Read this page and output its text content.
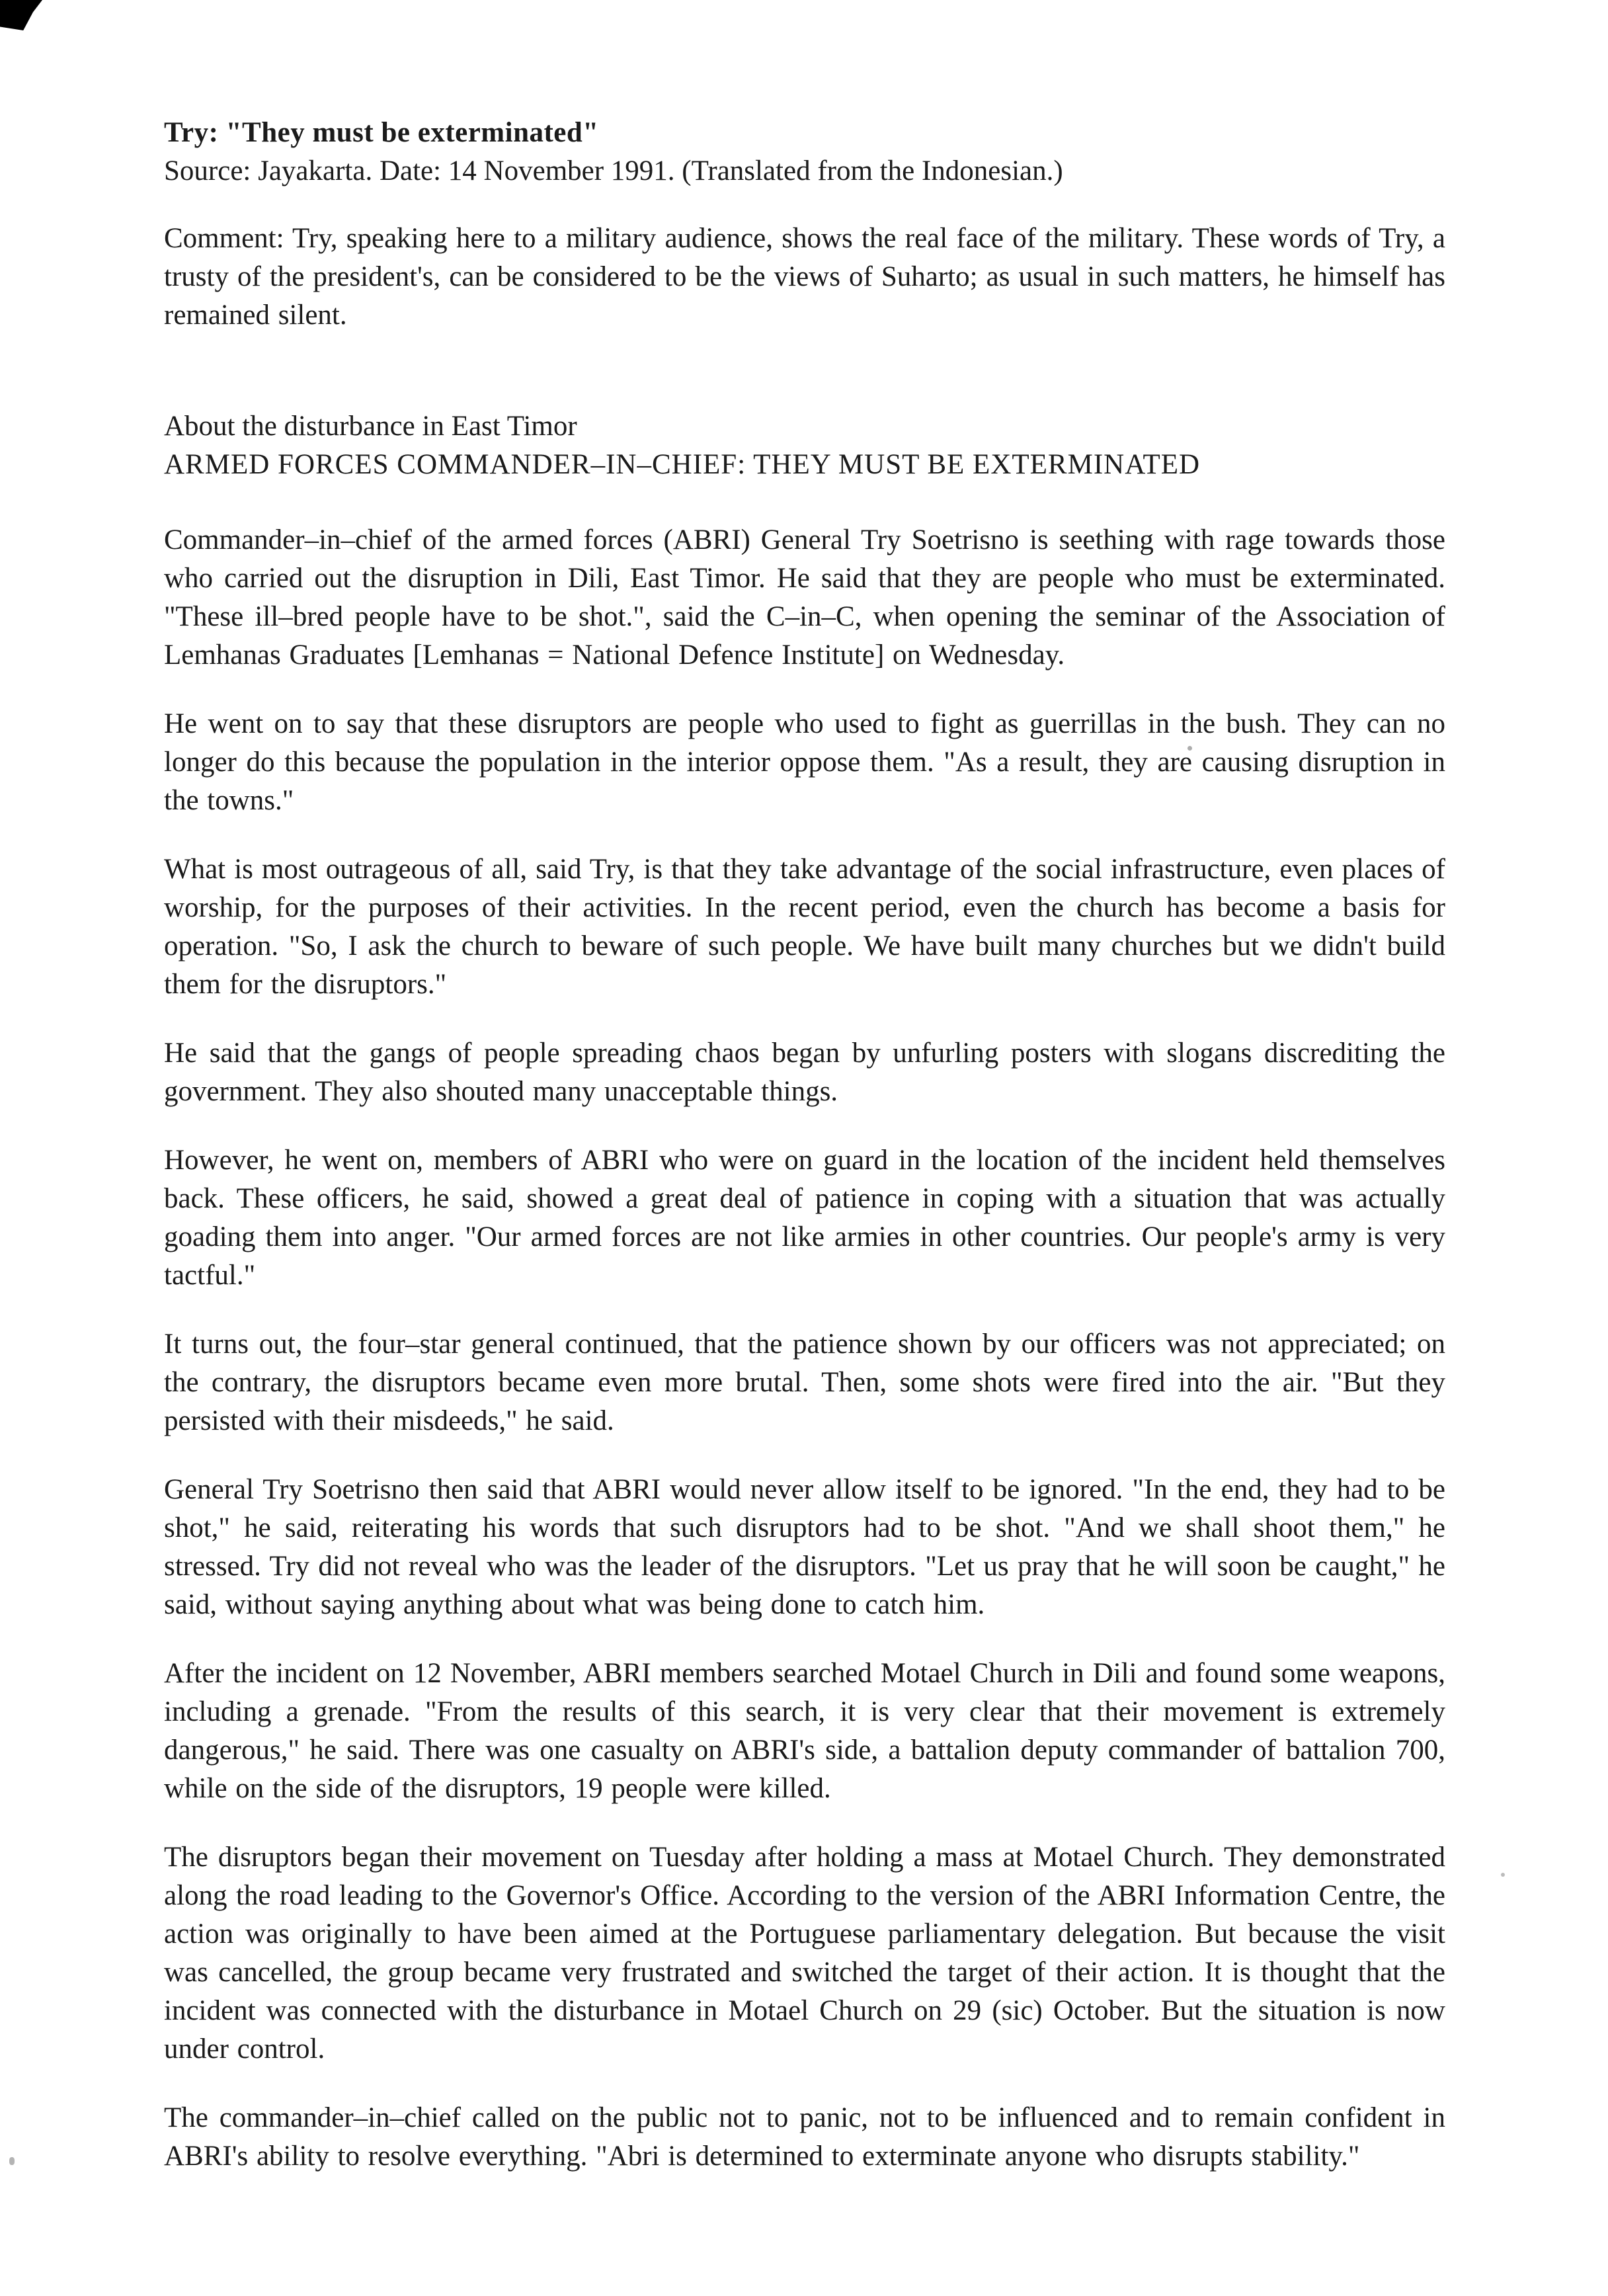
Try: "They must be exterminated"

Source: Jayakarta. Date: 14 November 1991. (Translated from the Indonesian.)

Comment: Try, speaking here to a military audience, shows the real face of the military. These words of Try, a trusty of the president's, can be considered to be the views of Suharto; as usual in such matters, he himself has remained silent.

About the disturbance in East Timor

ARMED FORCES COMMANDER–IN–CHIEF: THEY MUST BE EXTERMINATED

Commander–in–chief of the armed forces (ABRI) General Try Soetrisno is seething with rage towards those who carried out the disruption in Dili, East Timor. He said that they are people who must be exterminated. "These ill–bred people have to be shot.", said the C–in–C, when opening the seminar of the Association of Lemhanas Graduates [Lemhanas = National Defence Institute] on Wednesday.

He went on to say that these disruptors are people who used to fight as guerrillas in the bush. They can no longer do this because the population in the interior oppose them. "As a result, they are causing disruption in the towns."

What is most outrageous of all, said Try, is that they take advantage of the social infrastructure, even places of worship, for the purposes of their activities. In the recent period, even the church has become a basis for operation. "So, I ask the church to beware of such people. We have built many churches but we didn't build them for the disruptors."

He said that the gangs of people spreading chaos began by unfurling posters with slogans discrediting the government. They also shouted many unacceptable things.

However, he went on, members of ABRI who were on guard in the location of the incident held themselves back. These officers, he said, showed a great deal of patience in coping with a situation that was actually goading them into anger. "Our armed forces are not like armies in other countries. Our people's army is very tactful."

It turns out, the four–star general continued, that the patience shown by our officers was not appreciated; on the contrary, the disruptors became even more brutal. Then, some shots were fired into the air. "But they persisted with their misdeeds," he said.

General Try Soetrisno then said that ABRI would never allow itself to be ignored. "In the end, they had to be shot," he said, reiterating his words that such disruptors had to be shot. "And we shall shoot them," he stressed. Try did not reveal who was the leader of the disruptors. "Let us pray that he will soon be caught," he said, without saying anything about what was being done to catch him.

After the incident on 12 November, ABRI members searched Motael Church in Dili and found some weapons, including a grenade. "From the results of this search, it is very clear that their movement is extremely dangerous," he said. There was one casualty on ABRI's side, a battalion deputy commander of battalion 700, while on the side of the disruptors, 19 people were killed.

The disruptors began their movement on Tuesday after holding a mass at Motael Church. They demonstrated along the road leading to the Governor's Office. According to the version of the ABRI Information Centre, the action was originally to have been aimed at the Portuguese parliamentary delegation. But because the visit was cancelled, the group became very frustrated and switched the target of their action. It is thought that the incident was connected with the disturbance in Motael Church on 29 (sic) October. But the situation is now under control.

The commander–in–chief called on the public not to panic, not to be influenced and to remain confident in ABRI's ability to resolve everything. "Abri is determined to exterminate anyone who disrupts stability."
